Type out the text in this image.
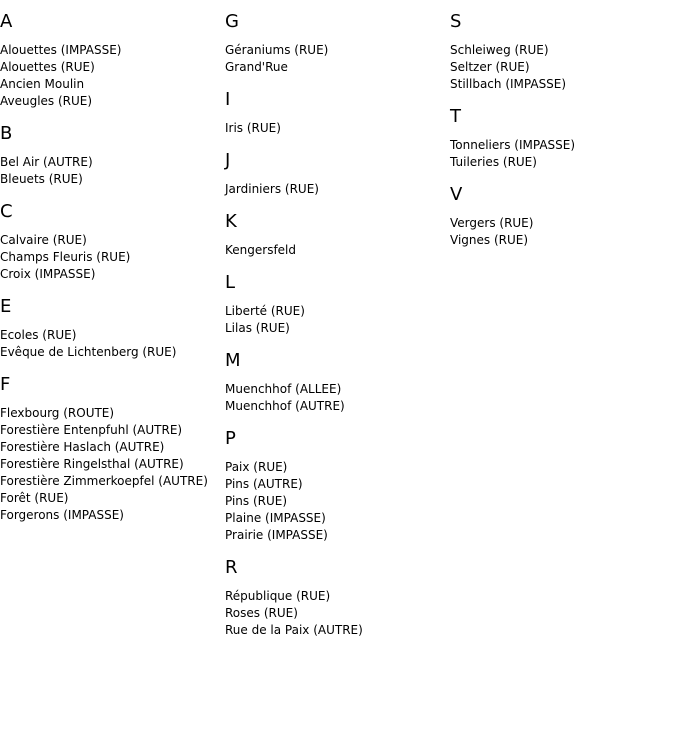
A
Alouettes (IMPASSE)
Alouettes (RUE)
Ancien Moulin
Aveugles (RUE)
B
Bel Air (AUTRE)
Bleuets (RUE)
C
Calvaire (RUE)
Champs Fleuris (RUE)
Croix (IMPASSE)
E
Ecoles (RUE)
Evêque de Lichtenberg (RUE)
F
Flexbourg (ROUTE)
Forestière Entenpfuhl (AUTRE)
Forestière Haslach (AUTRE)
Forestière Ringelsthal (AUTRE)
Forestière Zimmerkoepfel (AUTRE)
Forêt (RUE)
Forgerons (IMPASSE)
G
Géraniums (RUE)
Grand'Rue
I
Iris (RUE)
J
Jardiniers (RUE)
K
Kengersfeld
L
Liberté (RUE)
Lilas (RUE)
M
Muenchhof (ALLEE)
Muenchhof (AUTRE)
P
Paix (RUE)
Pins (AUTRE)
Pins (RUE)
Plaine (IMPASSE)
Prairie (IMPASSE)
R
République (RUE)
Roses (RUE)
Rue de la Paix (AUTRE)
S
Schleiweg (RUE)
Seltzer (RUE)
Stillbach (IMPASSE)
T
Tonneliers (IMPASSE)
Tuileries (RUE)
V
Vergers (RUE)
Vignes (RUE)
